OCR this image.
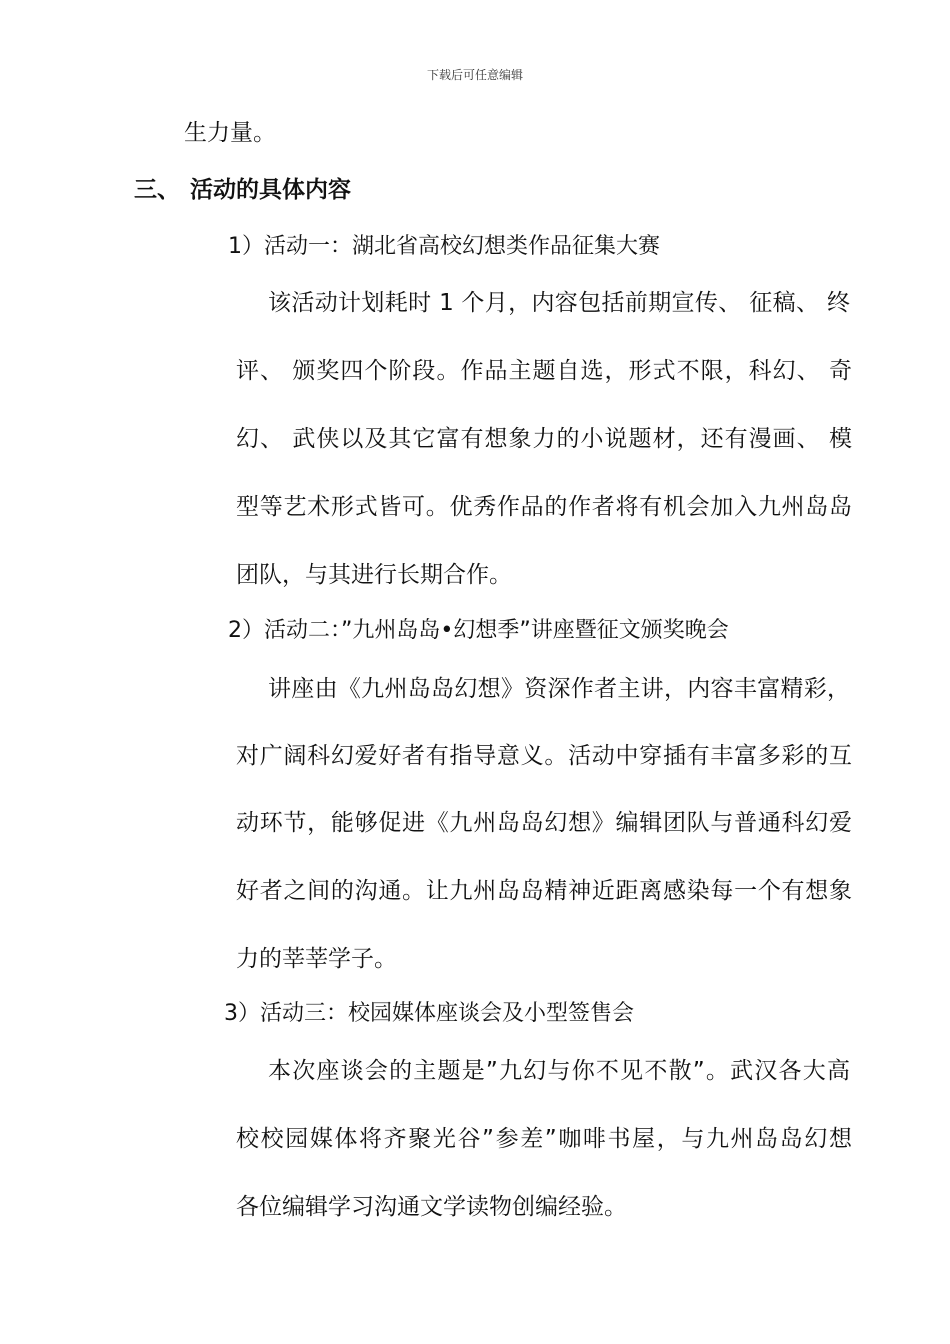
下载后可任意编辑
生力量。
三、 活动的具体内容
1）活动一：湖北省高校幻想类作品征集大赛
该活动计划耗时 1 个月，内容包括前期宣传、 征稿、 终
评、 颁奖四个阶段。作品主题自选，形式不限，科幻、 奇
幻、 武侠以及其它富有想象力的小说题材，还有漫画、 模
型等艺术形式皆可。优秀作品的作者将有机会加入九州岛岛
团队，与其进行长期合作。
2）活动二：”九州岛岛•幻想季”讲座暨征文颁奖晚会
讲座由《九州岛岛幻想》资深作者主讲，内容丰富精彩，
对广阔科幻爱好者有指导意义。活动中穿插有丰富多彩的互
动环节，能够促进《九州岛岛幻想》编辑团队与普通科幻爱
好者之间的沟通。让九州岛岛精神近距离感染每一个有想象
力的莘莘学子。
3）活动三：校园媒体座谈会及小型签售会
本次座谈会的主题是”九幻与你不见不散”。武汉各大高
校校园媒体将齐聚光谷”参差”咖啡书屋，与九州岛岛幻想
各位编辑学习沟通文学读物创编经验。
